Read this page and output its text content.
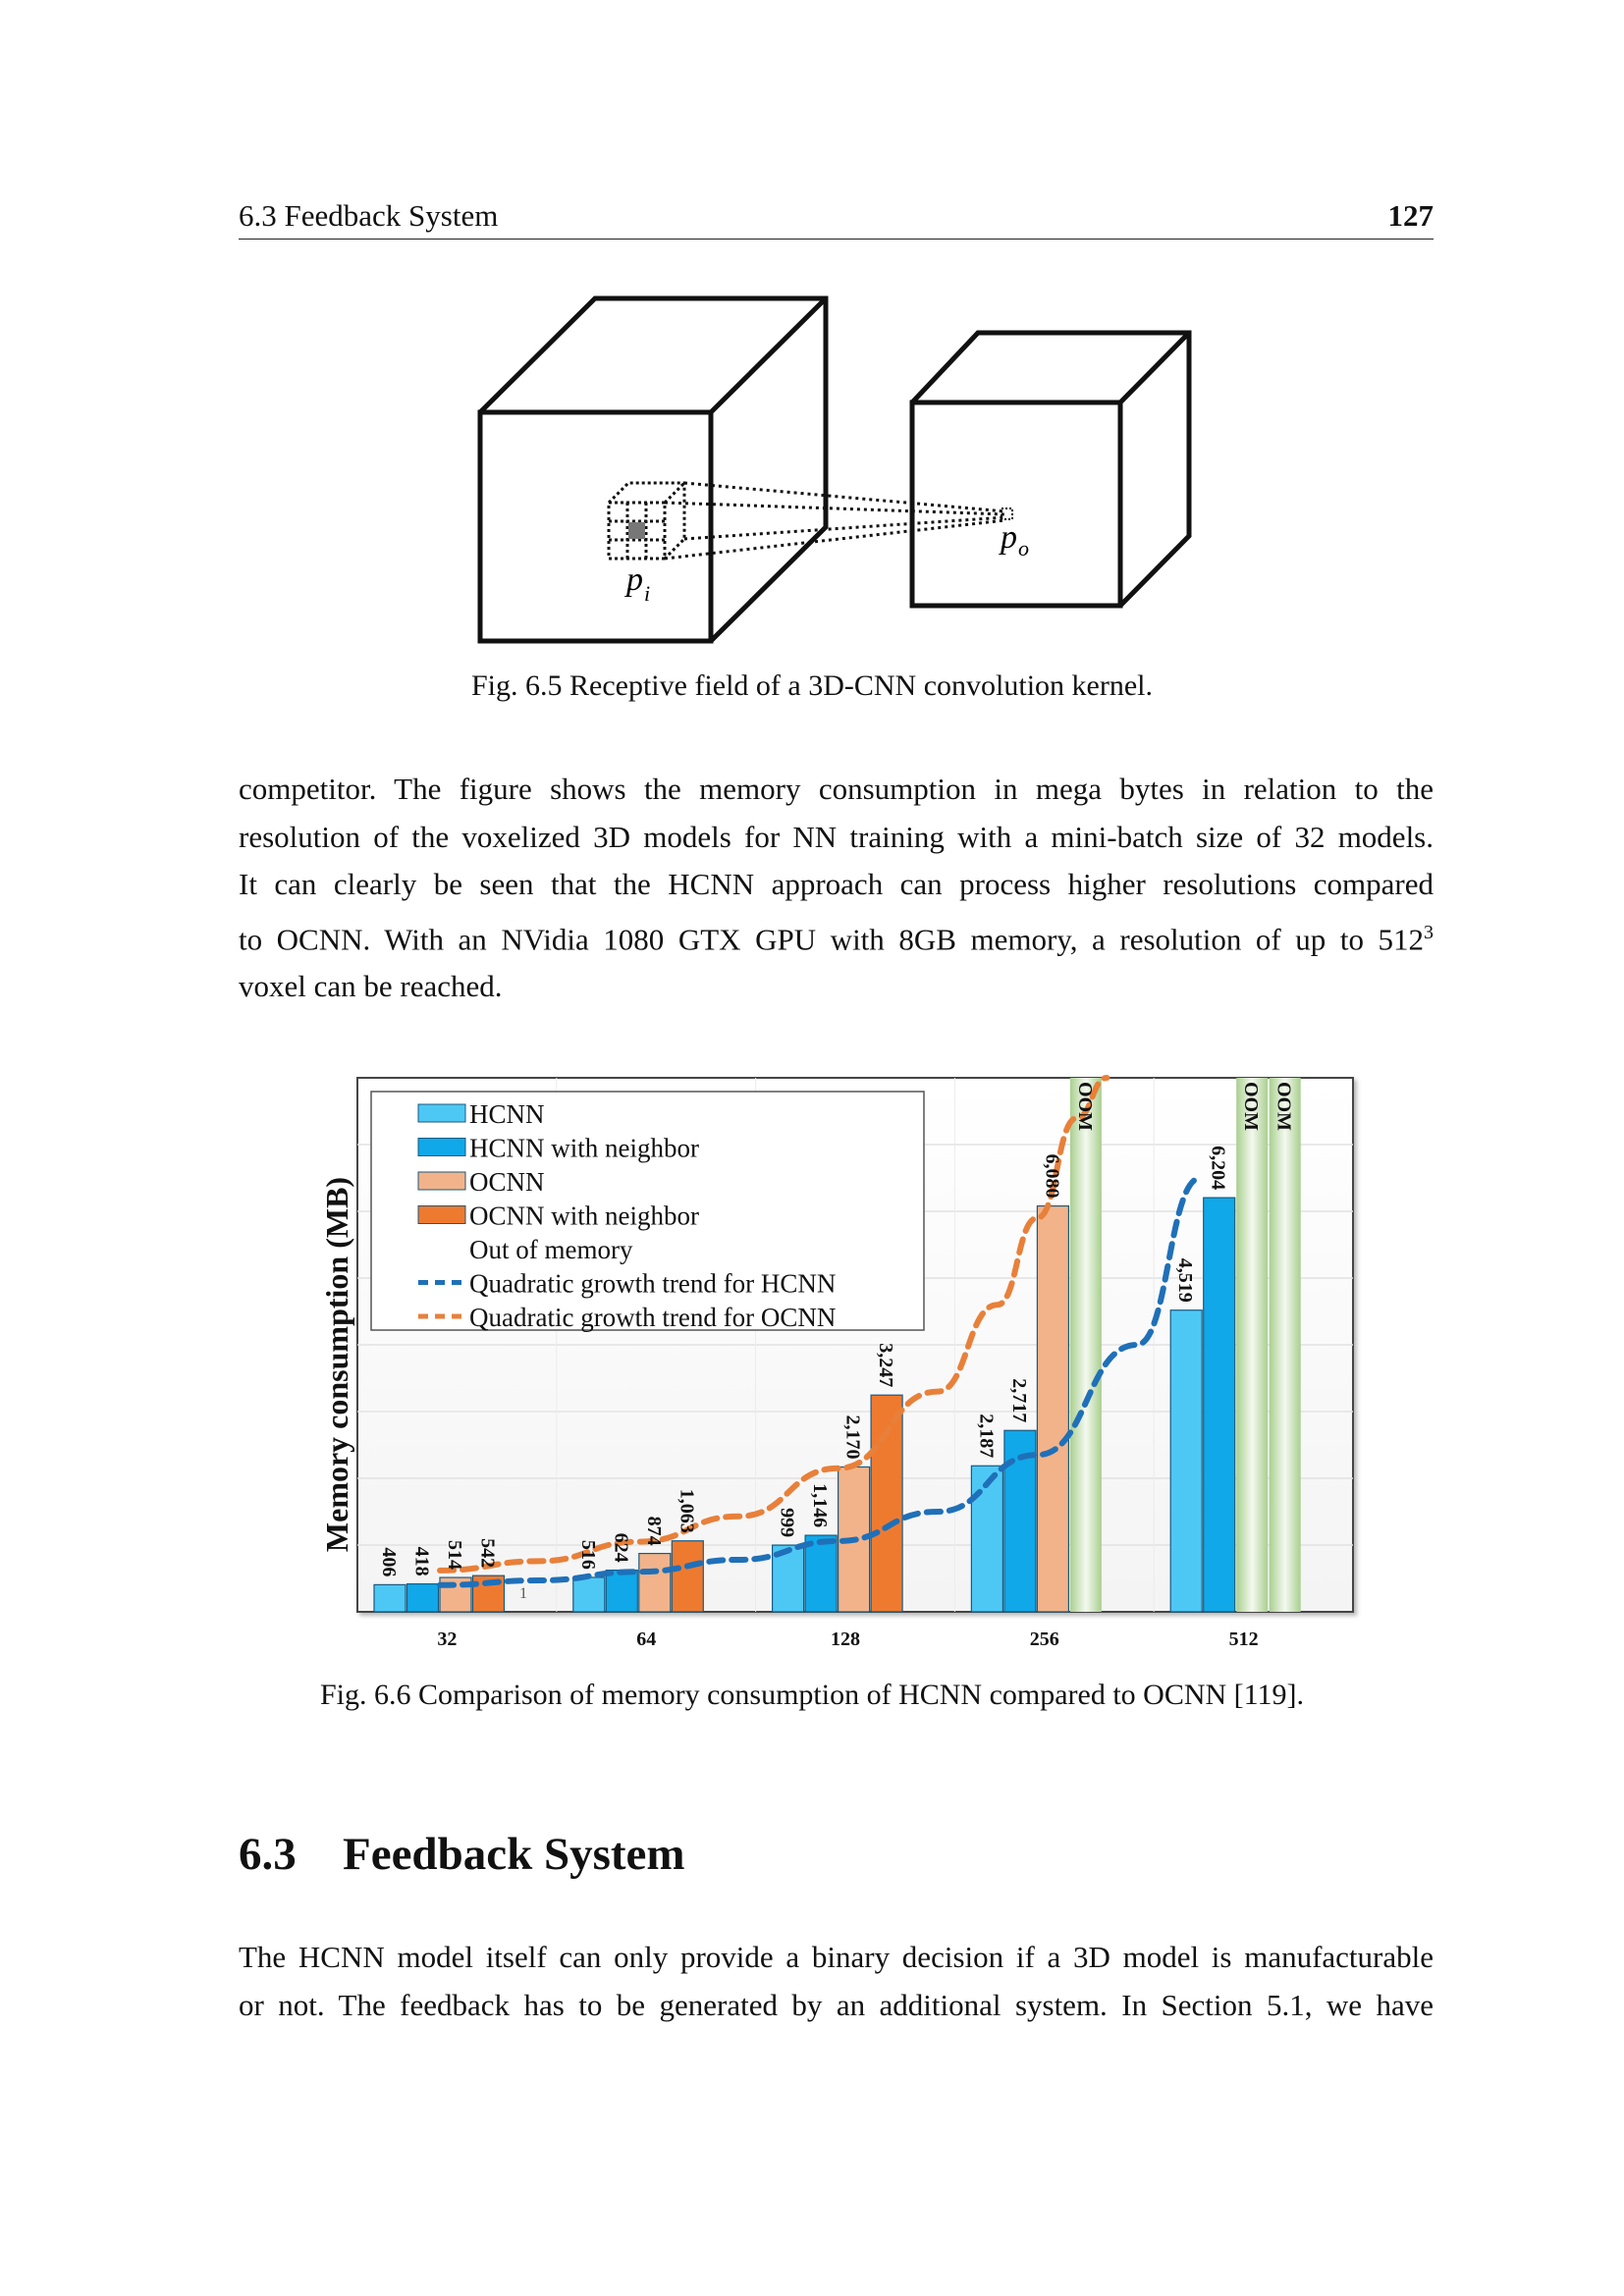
6.3 Feedback System	127
p i
p o
Fig. 6.5 Receptive field of a 3D-CNN convolution kernel.
competitor. The figure shows the memory consumption in mega bytes in relation to the
resolution of the voxelized 3D models for NN training with a mini-batch size of 32 models.
It can clearly be seen that the HCNN approach can process higher resolutions compared
to OCNN. With an NVidia 1080 GTX GPU with 8GB memory, a resolution of up to $512^3$
voxel can be reached.
406	516
999
2,187
4,519
418	624
1,146
2,717
6,204
514
874
2,170
6,080
OOM
542
1,063
3,247
OOM	OOM
1
32	64	128	256	512
Memory consumption (MB)
HCNN
HCNN with neighbor
OCNN
OCNN with neighbor
Out of memory
Quadratic growth trend for HCNN
Quadratic growth trend for OCNN
Fig. 6.6 Comparison of memory consumption of HCNN compared to OCNN [119].
6.3 Feedback System
The HCNN model itself can only provide a binary decision if a 3D model is manufacturable
or not. The feedback has to be generated by an additional system. In Section 5.1, we have
